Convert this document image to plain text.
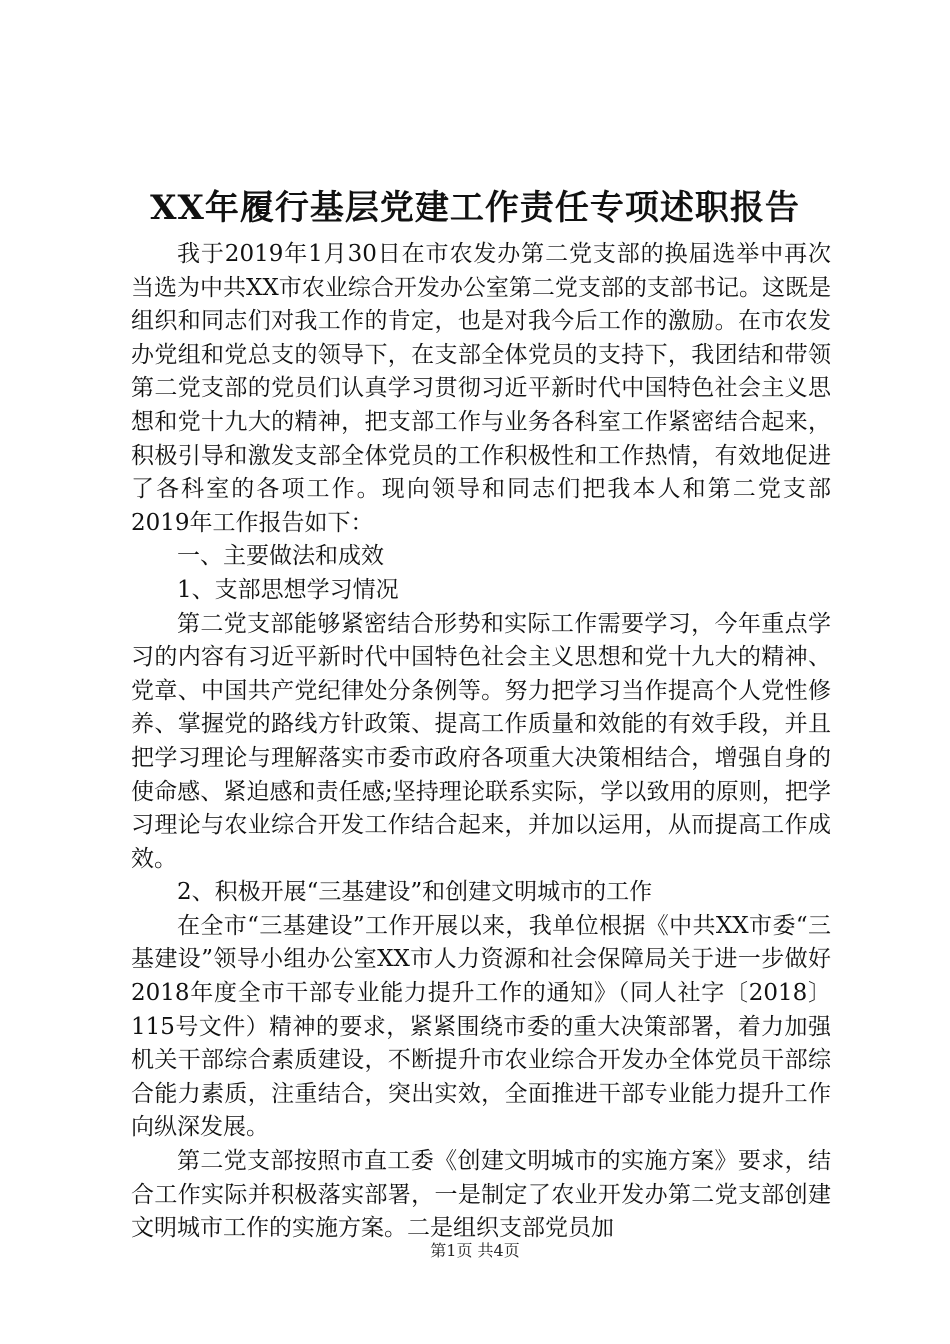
XX年履行基层党建工作责任专项述职报告

我于2019年1月30日在市农发办第二党支部的换届选举中再次当选为中共XX市农业综合开发办公室第二党支部的支部书记。这既是组织和同志们对我工作的肯定，也是对我今后工作的激励。在市农发办党组和党总支的领导下，在支部全体党员的支持下，我团结和带领第二党支部的党员们认真学习贯彻习近平新时代中国特色社会主义思想和党十九大的精神，把支部工作与业务各科室工作紧密结合起来，积极引导和激发支部全体党员的工作积极性和工作热情，有效地促进了各科室的各项工作。现向领导和同志们把我本人和第二党支部2019年工作报告如下：

一、主要做法和成效

1、支部思想学习情况

第二党支部能够紧密结合形势和实际工作需要学习，今年重点学习的内容有习近平新时代中国特色社会主义思想和党十九大的精神、党章、中国共产党纪律处分条例等。努力把学习当作提高个人党性修养、掌握党的路线方针政策、提高工作质量和效能的有效手段，并且把学习理论与理解落实市委市政府各项重大决策相结合，增强自身的使命感、紧迫感和责任感;坚持理论联系实际，学以致用的原则，把学习理论与农业综合开发工作结合起来，并加以运用，从而提高工作成效。

2、积极开展“三基建设”和创建文明城市的工作

在全市“三基建设”工作开展以来，我单位根据《中共XX市委“三基建设”领导小组办公室XX市人力资源和社会保障局关于进一步做好2018年度全市干部专业能力提升工作的通知》（同人社字〔2018〕115号文件）精神的要求，紧紧围绕市委的重大决策部署，着力加强机关干部综合素质建设，不断提升市农业综合开发办全体党员干部综合能力素质，注重结合，突出实效，全面推进干部专业能力提升工作向纵深发展。

第二党支部按照市直工委《创建文明城市的实施方案》要求，结合工作实际并积极落实部署，一是制定了农业开发办第二党支部创建文明城市工作的实施方案。二是组织支部党员加

第1页 共4页
